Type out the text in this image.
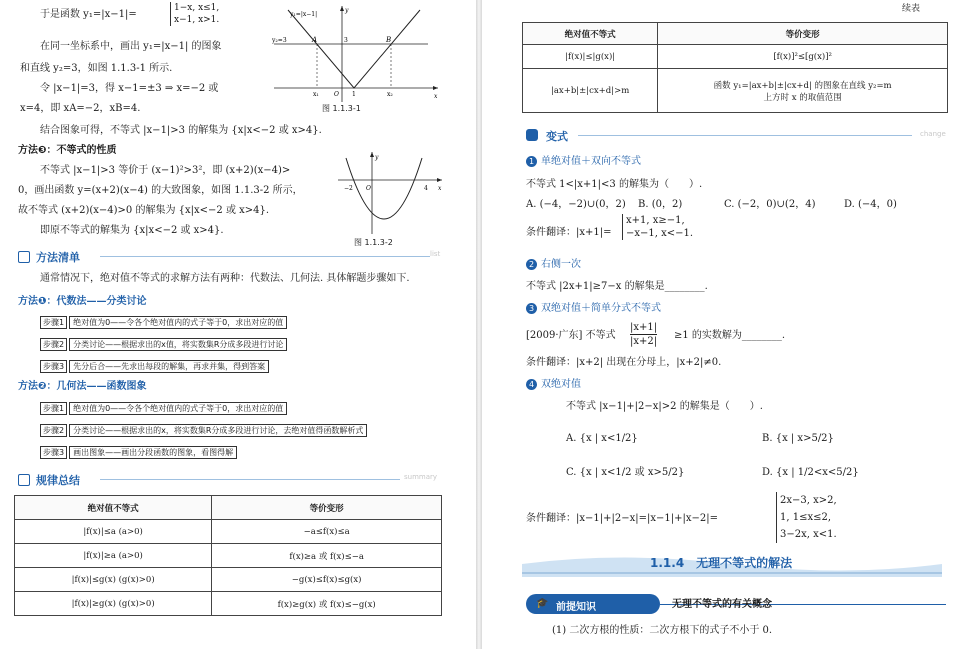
于是函数 y₁=|x−1|=
1−x, x≤1,
x−1, x>1.
在同一坐标系中，画出 y₁=|x−1| 的图象
和直线 y₂=3，如图 1.1.3-1 所示.
令 |x−1|=3，得 x−1=±3 ⇒ x=−2 或
x=4，即 xA=−2，xB=4.
结合图象可得，不等式 |x−1|>3 的解集为 {x|x<−2 或 x>4}.
y₁=|x−1|
y₂=3	A	B
3
O 1
x₁	x₂	x
y
图 1.1.3-1
方法❸：不等式的性质
不等式 |x−1|>3 等价于 (x−1)²>3²，即 (x+2)(x−4)>
0，画出函数 y=(x+2)(x−4) 的大致图象，如图 1.1.3-2 所示，
故不等式 (x+2)(x−4)>0 的解集为 {x|x<−2 或 x>4}.
即原不等式的解集为 {x|x<−2 或 x>4}.
−2 O	4 x
y
图 1.1.3-2
方法清单	list
通常情况下，绝对值不等式的求解方法有两种：代数法、几何法. 具体解题步骤如下.
方法❶：代数法——分类讨论
步骤1 绝对值为0——令各个绝对值内的式子等于0，求出对应的值
步骤2 分类讨论——根据求出的x值，将实数集R分成多段进行讨论
步骤3 先分后合——先求出每段的解集，再求并集，得到答案
方法❷：几何法——函数图象
步骤1 绝对值为0——令各个绝对值内的式子等于0，求出对应的值
步骤2 分类讨论——根据求出的x，将实数集R分成多段进行讨论，去绝对值得函数解析式
步骤3 画出图象——画出分段函数的图象，看图得解
规律总结	summary
绝对值不等式	等价变形
|f(x)|≤a (a>0)	−a≤f(x)≤a
|f(x)|≥a (a>0)	f(x)≥a 或 f(x)≤−a
|f(x)|≤g(x) (g(x)>0)	−g(x)≤f(x)≤g(x)
|f(x)|≥g(x) (g(x)>0)	f(x)≥g(x) 或 f(x)≤−g(x)
续表
绝对值不等式	等价变形
|f(x)|≤|g(x)|	[f(x)]²≤[g(x)]²
|ax+b|±|cx+d|>m	函数 y₁=|ax+b|±|cx+d| 的图象在直线 y₂=m
上方时 x 的取值范围
变式	change
1 单绝对值＋双向不等式
不等式 1<|x+1|<3 的解集为（　　）.
A. (−4，−2)∪(0，2) B. (0，2)	C. (−2，0)∪(2，4)	D. (−4，0)
条件翻译：|x+1|=
x+1, x≥−1,
−x−1, x<−1.
2 右侧一次
不等式 |2x+1|≥7−x 的解集是________.
3 双绝对值＋简单分式不等式
[2009·广东] 不等式 $\frac{|x+1|}{|x+2|} \ge 1$ 的实数解为________.
条件翻译：|x+2| 出现在分母上，|x+2|≠0.
4 双绝对值
不等式 |x−1|+|2−x|>2 的解集是（　　）.
A. {x | x<1/2}	B. {x | x>5/2}
C. {x | x<1/2 或 x>5/2}	D. {x | 1/2<x<5/2}
条件翻译：|x−1|+|2−x|=|x−1|+|x−2|=
2x−3, x>2,
1, 1≤x≤2,
3−2x, x<1.
1.1.4　无理不等式的解法
🎓 前提知识	无理不等式的有关概念
(1) 二次方根的性质：二次方根下的式子不小于 0.
